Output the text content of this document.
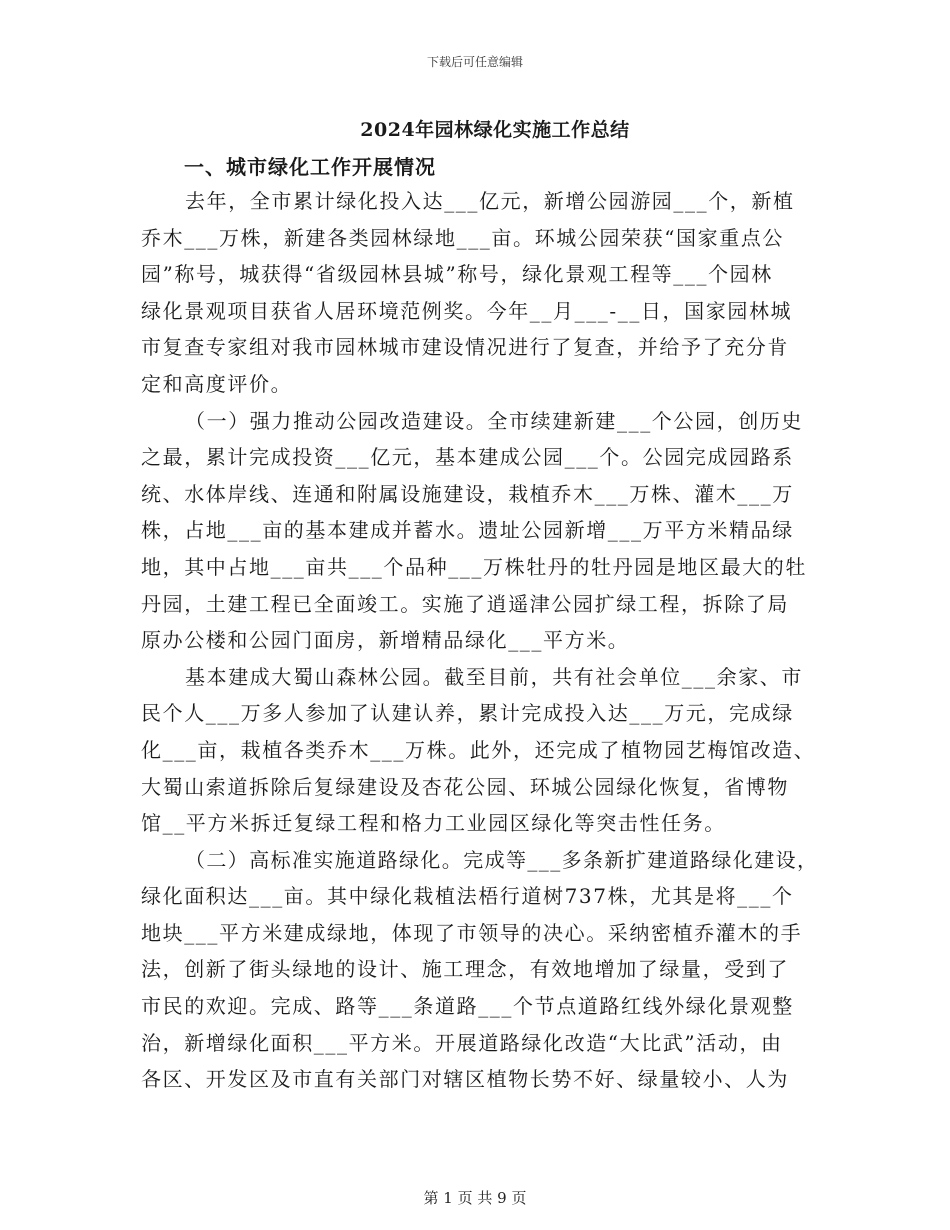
下载后可任意编辑
2024年园林绿化实施工作总结
一、城市绿化工作开展情况
去年，全市累计绿化投入达___亿元，新增公园游园___个，新植
乔木___万株，新建各类园林绿地___亩。环城公园荣获“国家重点公
园”称号，城获得“省级园林县城”称号，绿化景观工程等___个园林
绿化景观项目获省人居环境范例奖。今年__月___-__日，国家园林城
市复查专家组对我市园林城市建设情况进行了复查，并给予了充分肯
定和高度评价。
（一）强力推动公园改造建设。全市续建新建___个公园，创历史
之最，累计完成投资___亿元，基本建成公园___个。公园完成园路系
统、水体岸线、连通和附属设施建设，栽植乔木___万株、灌木___万
株，占地___亩的基本建成并蓄水。遗址公园新增___万平方米精品绿
地，其中占地___亩共___个品种___万株牡丹的牡丹园是地区最大的牡
丹园，土建工程已全面竣工。实施了逍遥津公园扩绿工程，拆除了局
原办公楼和公园门面房，新增精品绿化___平方米。
基本建成大蜀山森林公园。截至目前，共有社会单位___余家、市
民个人___万多人参加了认建认养，累计完成投入达___万元，完成绿
化___亩，栽植各类乔木___万株。此外，还完成了植物园艺梅馆改造、
大蜀山索道拆除后复绿建设及杏花公园、环城公园绿化恢复，省博物
馆__平方米拆迁复绿工程和格力工业园区绿化等突击性任务。
（二）高标准实施道路绿化。完成等___多条新扩建道路绿化建设，
绿化面积达___亩。其中绿化栽植法梧行道树737株，尤其是将___个
地块___平方米建成绿地，体现了市领导的决心。采纳密植乔灌木的手
法，创新了街头绿地的设计、施工理念，有效地增加了绿量，受到了
市民的欢迎。完成、路等___条道路___个节点道路红线外绿化景观整
治，新增绿化面积___平方米。开展道路绿化改造“大比武”活动，由
各区、开发区及市直有关部门对辖区植物长势不好、绿量较小、人为
第 1 页 共 9 页
